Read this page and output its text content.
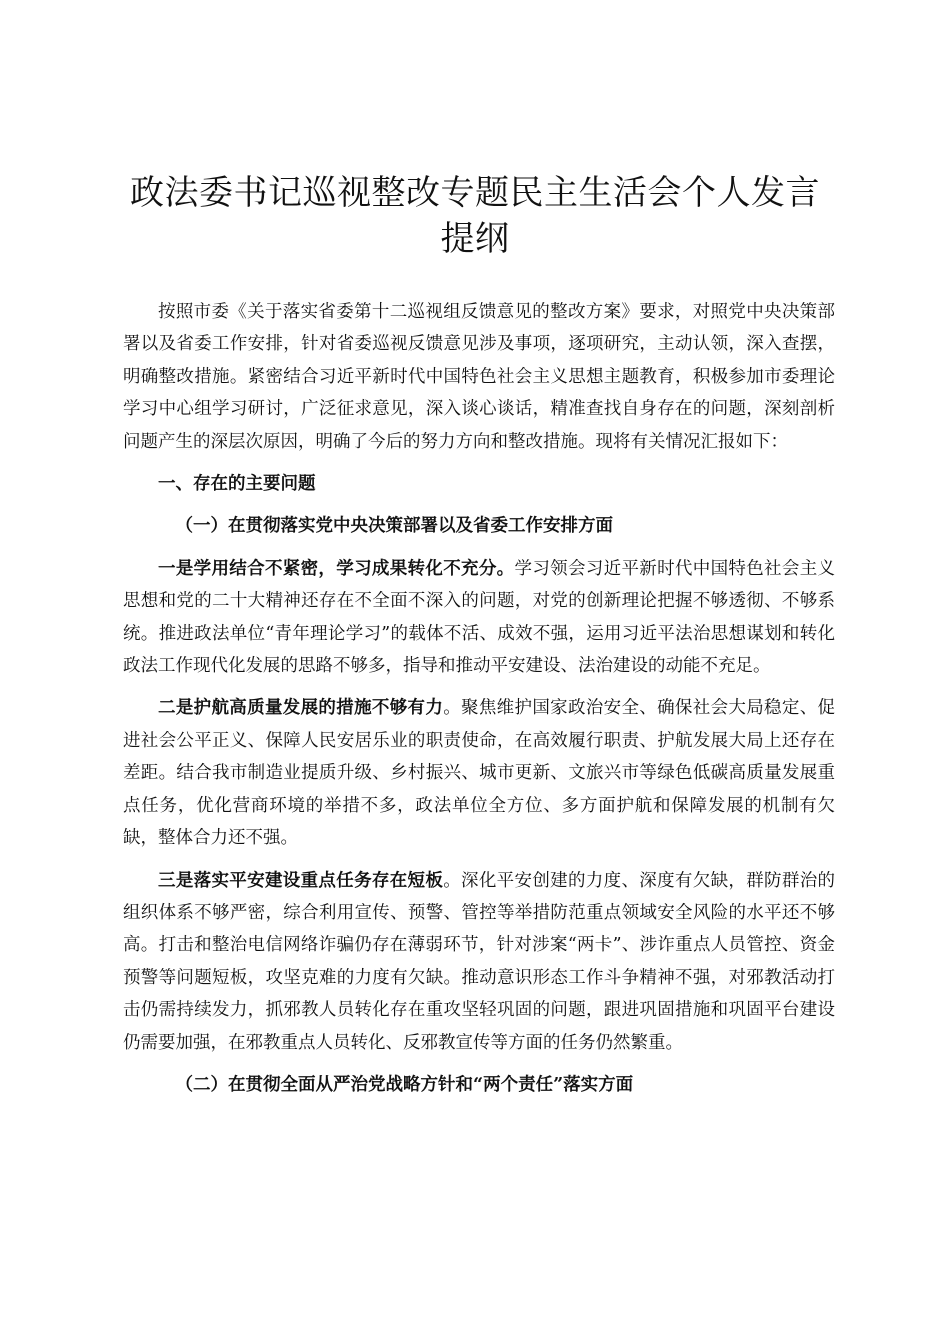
政法委书记巡视整改专题民主生活会个人发言
提纲

按照市委《关于落实省委第十二巡视组反馈意见的整改方案》要求，对照党中央决策部署以及省委工作安排，针对省委巡视反馈意见涉及事项，逐项研究，主动认领，深入查摆，明确整改措施。紧密结合习近平新时代中国特色社会主义思想主题教育，积极参加市委理论学习中心组学习研讨，广泛征求意见，深入谈心谈话，精准查找自身存在的问题，深刻剖析问题产生的深层次原因，明确了今后的努力方向和整改措施。现将有关情况汇报如下：

一、存在的主要问题

（一）在贯彻落实党中央决策部署以及省委工作安排方面

一是学用结合不紧密，学习成果转化不充分。学习领会习近平新时代中国特色社会主义思想和党的二十大精神还存在不全面不深入的问题，对党的创新理论把握不够透彻、不够系统。推进政法单位“青年理论学习”的载体不活、成效不强，运用习近平法治思想谋划和转化政法工作现代化发展的思路不够多，指导和推动平安建设、法治建设的动能不充足。

二是护航高质量发展的措施不够有力。聚焦维护国家政治安全、确保社会大局稳定、促进社会公平正义、保障人民安居乐业的职责使命，在高效履行职责、护航发展大局上还存在差距。结合我市制造业提质升级、乡村振兴、城市更新、文旅兴市等绿色低碳高质量发展重点任务，优化营商环境的举措不多，政法单位全方位、多方面护航和保障发展的机制有欠缺，整体合力还不强。

三是落实平安建设重点任务存在短板。深化平安创建的力度、深度有欠缺，群防群治的组织体系不够严密，综合利用宣传、预警、管控等举措防范重点领域安全风险的水平还不够高。打击和整治电信网络诈骗仍存在薄弱环节，针对涉案“两卡”、涉诈重点人员管控、资金预警等问题短板，攻坚克难的力度有欠缺。推动意识形态工作斗争精神不强，对邪教活动打击仍需持续发力，抓邪教人员转化存在重攻坚轻巩固的问题，跟进巩固措施和巩固平台建设仍需要加强，在邪教重点人员转化、反邪教宣传等方面的任务仍然繁重。

（二）在贯彻全面从严治党战略方针和“两个责任”落实方面
